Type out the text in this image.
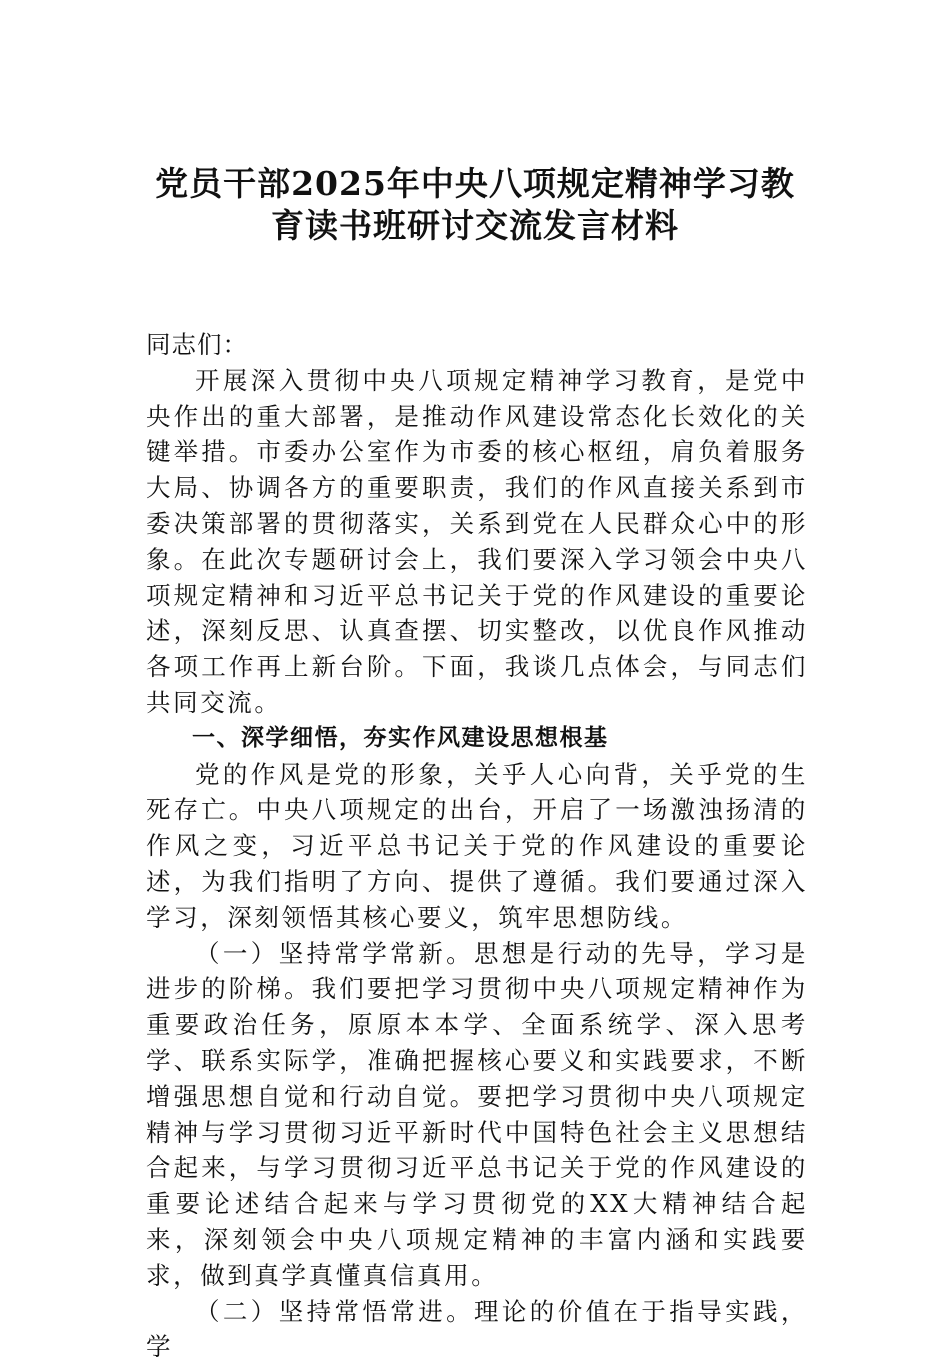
党员干部2025年中央八项规定精神学习教
育读书班研讨交流发言材料

同志们：

开展深入贯彻中央八项规定精神学习教育，是党中央作出的重大部署，是推动作风建设常态化长效化的关键举措。市委办公室作为市委的核心枢纽，肩负着服务大局、协调各方的重要职责，我们的作风直接关系到市委决策部署的贯彻落实，关系到党在人民群众心中的形象。在此次专题研讨会上，我们要深入学习领会中央八项规定精神和习近平总书记关于党的作风建设的重要论述，深刻反思、认真查摆、切实整改，以优良作风推动各项工作再上新台阶。下面，我谈几点体会，与同志们共同交流。

一、深学细悟，夯实作风建设思想根基

党的作风是党的形象，关乎人心向背，关乎党的生死存亡。中央八项规定的出台，开启了一场激浊扬清的作风之变，习近平总书记关于党的作风建设的重要论述，为我们指明了方向、提供了遵循。我们要通过深入学习，深刻领悟其核心要义，筑牢思想防线。

（一）坚持常学常新。思想是行动的先导，学习是进步的阶梯。我们要把学习贯彻中央八项规定精神作为重要政治任务，原原本本学、全面系统学、深入思考学、联系实际学，准确把握核心要义和实践要求，不断增强思想自觉和行动自觉。要把学习贯彻中央八项规定精神与学习贯彻习近平新时代中国特色社会主义思想结合起来，与学习贯彻习近平总书记关于党的作风建设的重要论述结合起来与学习贯彻党的XX大精神结合起来，深刻领会中央八项规定精神的丰富内涵和实践要求，做到真学真懂真信真用。

（二）坚持常悟常进。理论的价值在于指导实践，学
